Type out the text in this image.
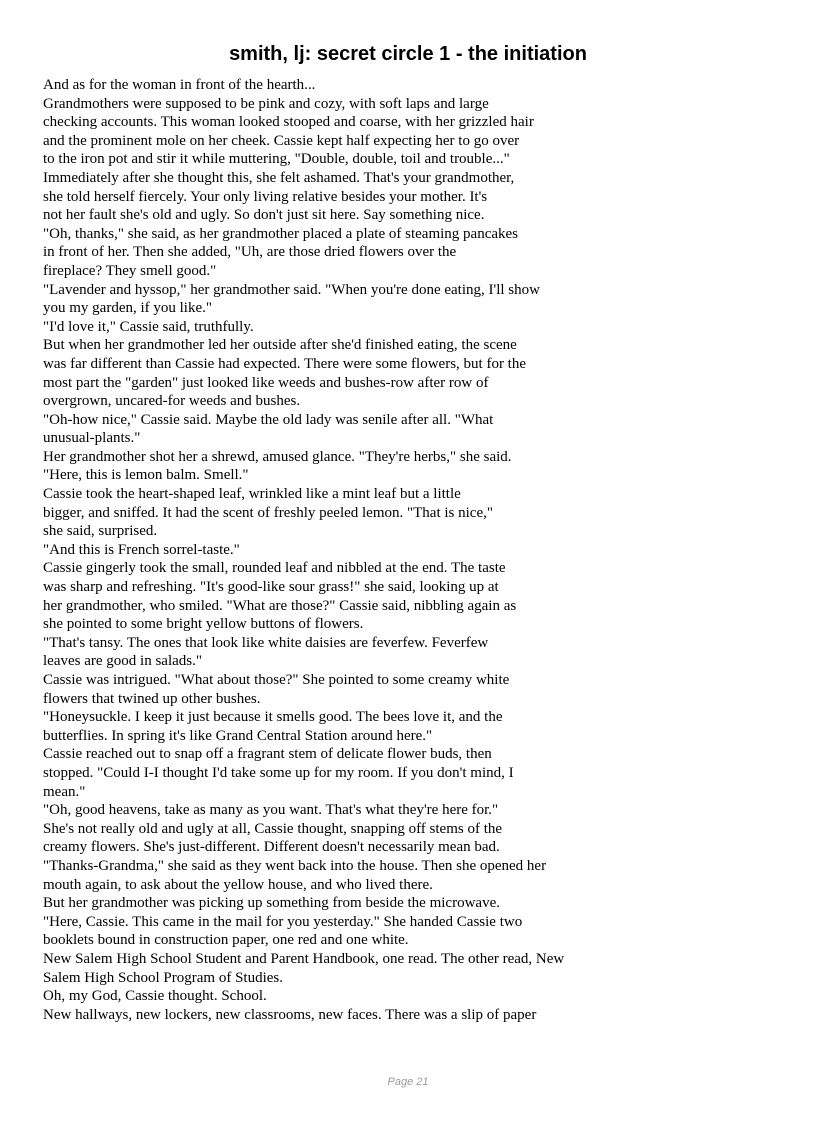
smith, lj: secret circle 1 - the initiation
And as for the woman in front of the hearth...
Grandmothers were supposed to be pink and cozy, with soft laps and large
checking accounts. This woman looked stooped and coarse, with her grizzled hair
and the prominent mole on her cheek. Cassie kept half expecting her to go over
to the iron pot and stir it while muttering, "Double, double, toil and trouble..."
Immediately after she thought this, she felt ashamed. That's your grandmother,
she told herself fiercely. Your only living relative besides your mother. It's
not her fault she's old and ugly. So don't just sit here. Say something nice.
"Oh, thanks," she said, as her grandmother placed a plate of steaming pancakes
in front of her. Then she added, "Uh, are those dried flowers over the
fireplace? They smell good."
"Lavender and hyssop," her grandmother said. "When you're done eating, I'll show
you my garden, if you like."
"I'd love it," Cassie said, truthfully.
But when her grandmother led her outside after she'd finished eating, the scene
was far different than Cassie had expected. There were some flowers, but for the
most part the "garden" just looked like weeds and bushes-row after row of
overgrown, uncared-for weeds and bushes.
"Oh-how nice," Cassie said. Maybe the old lady was senile after all. "What
unusual-plants."
Her grandmother shot her a shrewd, amused glance. "They're herbs," she said.
"Here, this is lemon balm. Smell."
Cassie took the heart-shaped leaf, wrinkled like a mint leaf but a little
bigger, and sniffed. It had the scent of freshly peeled lemon. "That is nice,"
she said, surprised.
"And this is French sorrel-taste."
Cassie gingerly took the small, rounded leaf and nibbled at the end. The taste
was sharp and refreshing. "It's good-like sour grass!" she said, looking up at
her grandmother, who smiled. "What are those?" Cassie said, nibbling again as
she pointed to some bright yellow buttons of flowers.
"That's tansy. The ones that look like white daisies are feverfew. Feverfew
leaves are good in salads."
Cassie was intrigued. "What about those?" She pointed to some creamy white
flowers that twined up other bushes.
"Honeysuckle. I keep it just because it smells good. The bees love it, and the
butterflies. In spring it's like Grand Central Station around here."
Cassie reached out to snap off a fragrant stem of delicate flower buds, then
stopped. "Could I-I thought I'd take some up for my room. If you don't mind, I
mean."
"Oh, good heavens, take as many as you want. That's what they're here for."
She's not really old and ugly at all, Cassie thought, snapping off stems of the
creamy flowers. She's just-different. Different doesn't necessarily mean bad.
"Thanks-Grandma," she said as they went back into the house. Then she opened her
mouth again, to ask about the yellow house, and who lived there.
But her grandmother was picking up something from beside the microwave.
"Here, Cassie. This came in the mail for you yesterday." She handed Cassie two
booklets bound in construction paper, one red and one white.
New Salem High School Student and Parent Handbook, one read. The other read, New
Salem High School Program of Studies.
Oh, my God, Cassie thought. School.
New hallways, new lockers, new classrooms, new faces. There was a slip of paper
Page 21
